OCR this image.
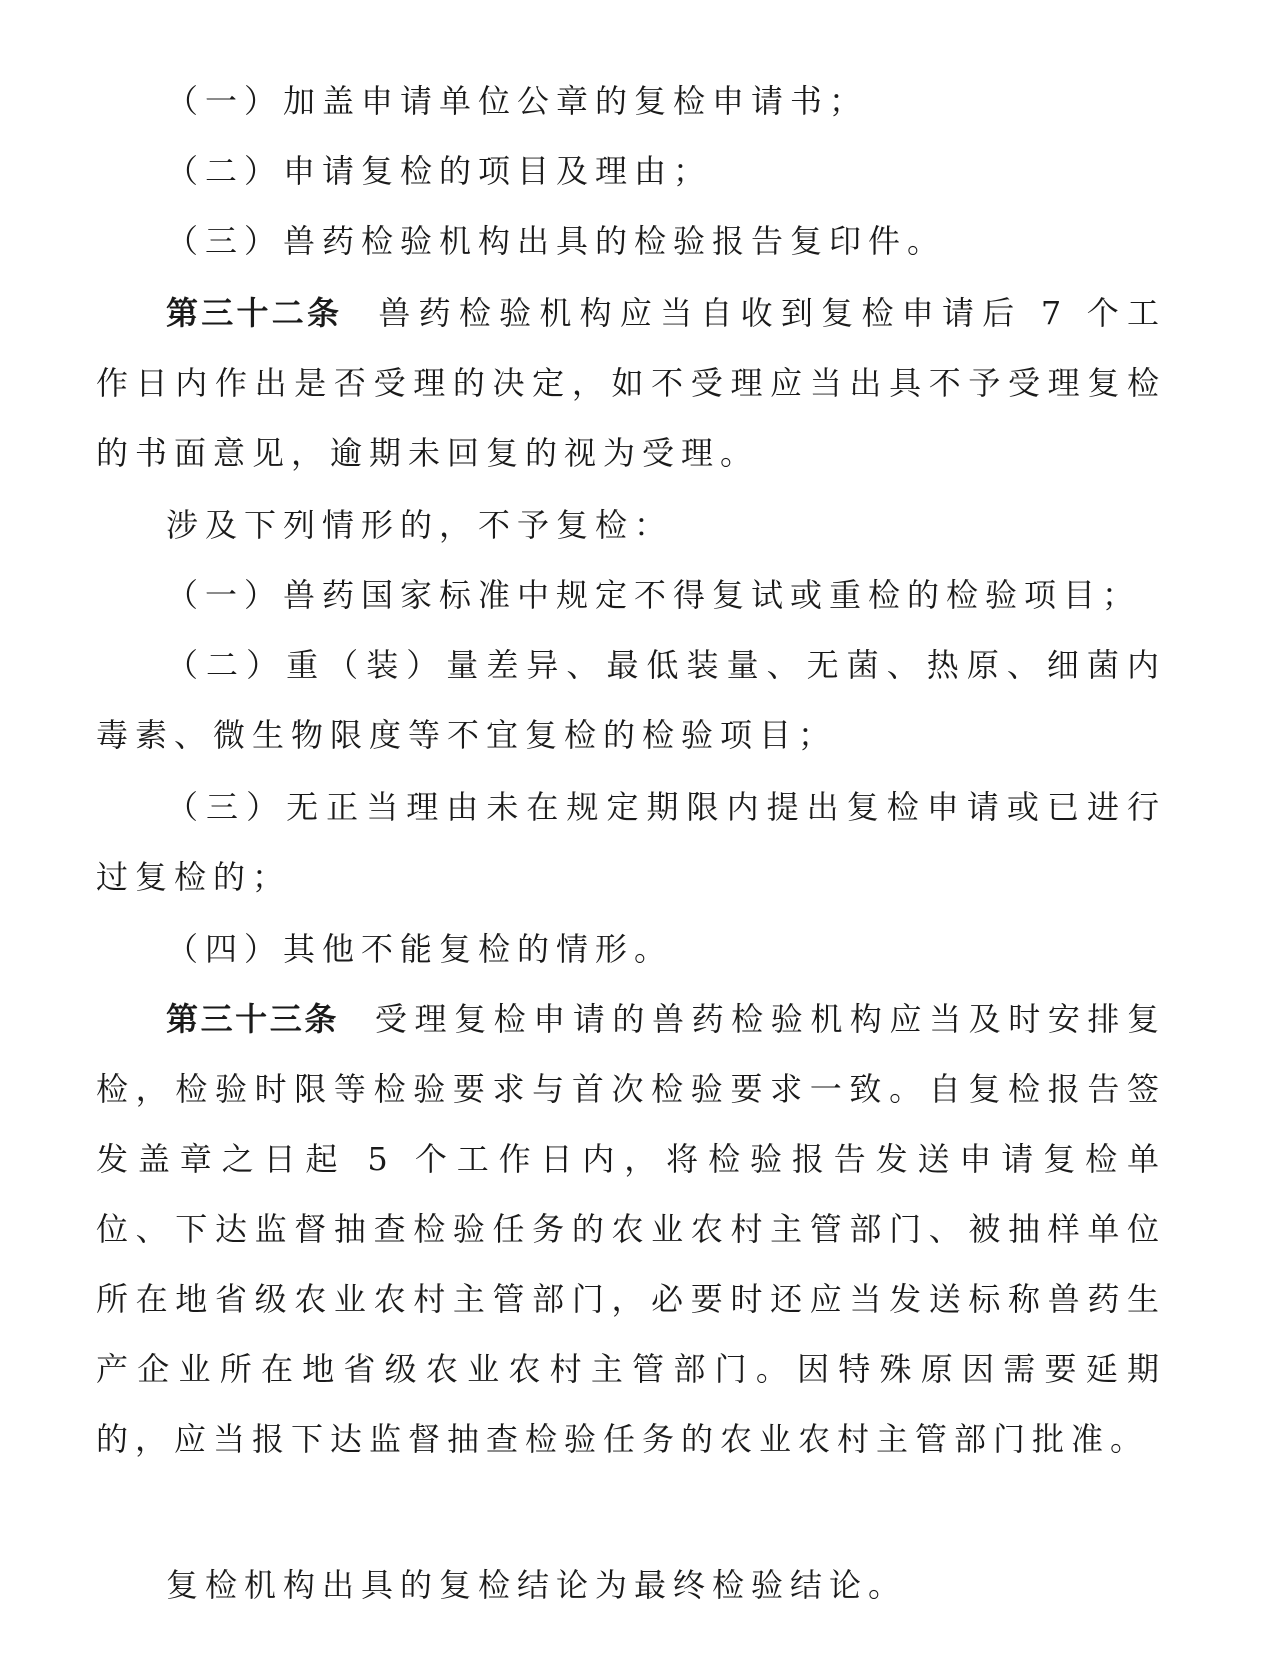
（一）加盖申请单位公章的复检申请书；

（二）申请复检的项目及理由；

（三）兽药检验机构出具的检验报告复印件。

第三十二条 兽药检验机构应当自收到复检申请后 7 个工作日内作出是否受理的决定，如不受理应当出具不予受理复检的书面意见，逾期未回复的视为受理。

涉及下列情形的，不予复检：

（一）兽药国家标准中规定不得复试或重检的检验项目；

（二）重（装）量差异、最低装量、无菌、热原、细菌内毒素、微生物限度等不宜复检的检验项目；

（三）无正当理由未在规定期限内提出复检申请或已进行过复检的；

（四）其他不能复检的情形。

第三十三条 受理复检申请的兽药检验机构应当及时安排复检，检验时限等检验要求与首次检验要求一致。自复检报告签发盖章之日起 5 个工作日内，将检验报告发送申请复检单位、下达监督抽查检验任务的农业农村主管部门、被抽样单位所在地省级农业农村主管部门，必要时还应当发送标称兽药生产企业所在地省级农业农村主管部门。因特殊原因需要延期的，应当报下达监督抽查检验任务的农业农村主管部门批准。

复检机构出具的复检结论为最终检验结论。
